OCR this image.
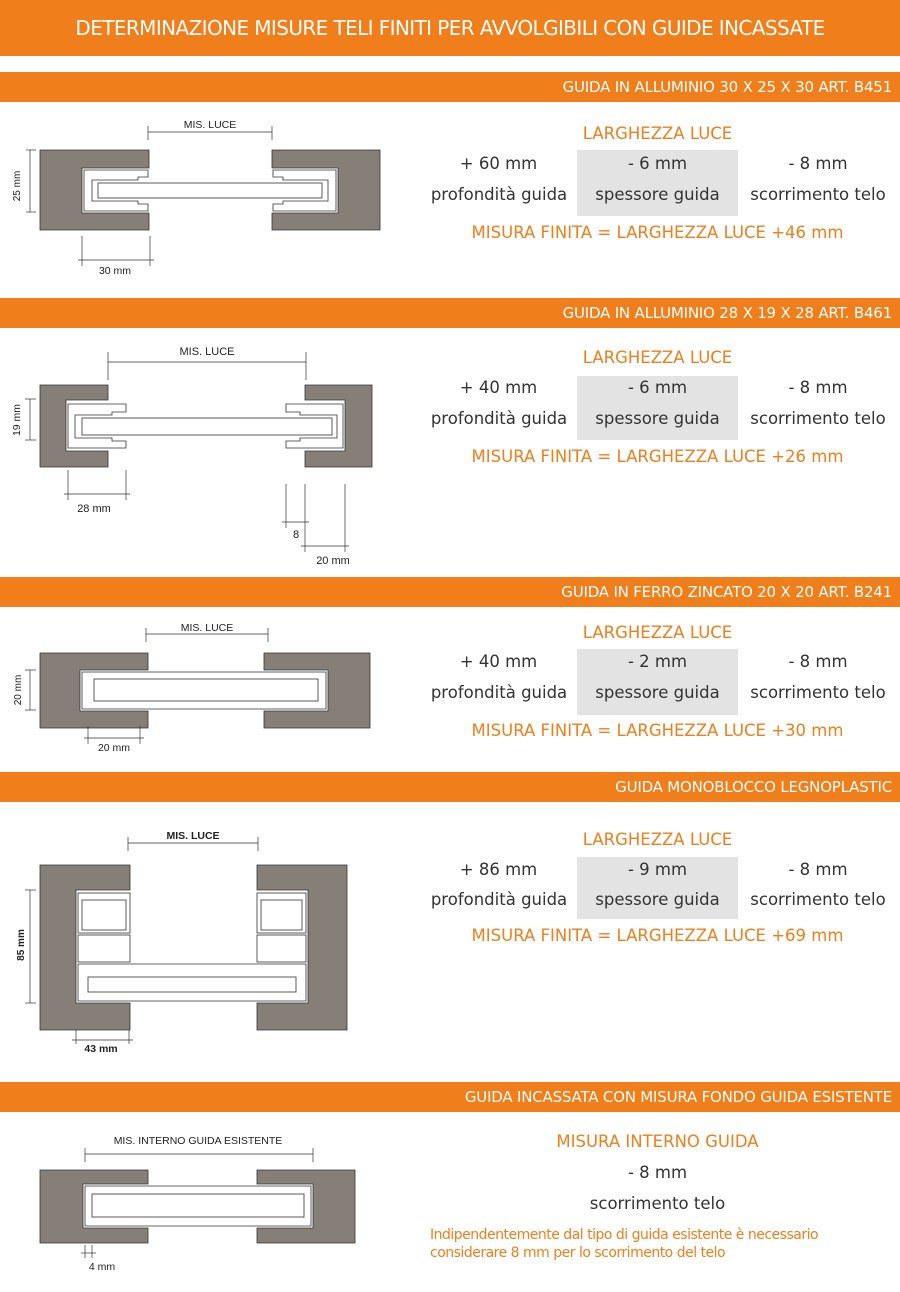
DETERMINAZIONE MISURE TELI FINITI PER AVVOLGIBILI CON GUIDE INCASSATE
GUIDA IN ALLUMINIO 30 X 25 X 30 ART. B451
MIS. LUCE
25 mm
30 mm
LARGHEZZA LUCE
+ 60 mm	- 6 mm	- 8 mm
profondità guida	spessore guida	scorrimento telo
MISURA FINITA = LARGHEZZA LUCE +46 mm
GUIDA IN ALLUMINIO 28 X 19 X 28 ART. B461
MIS. LUCE
19 mm
28 mm
8
20 mm
LARGHEZZA LUCE
+ 40 mm	- 6 mm	- 8 mm
profondità guida	spessore guida	scorrimento telo
MISURA FINITA = LARGHEZZA LUCE +26 mm
GUIDA IN FERRO ZINCATO 20 X 20 ART. B241
MIS. LUCE
20 mm
20 mm
LARGHEZZA LUCE
+ 40 mm	- 2 mm	- 8 mm
profondità guida	spessore guida	scorrimento telo
MISURA FINITA = LARGHEZZA LUCE +30 mm
GUIDA MONOBLOCCO LEGNOPLASTIC
MIS. LUCE
85 mm
43 mm
LARGHEZZA LUCE
+ 86 mm	- 9 mm	- 8 mm
profondità guida	spessore guida	scorrimento telo
MISURA FINITA = LARGHEZZA LUCE +69 mm
GUIDA INCASSATA CON MISURA FONDO GUIDA ESISTENTE
MIS. INTERNO GUIDA ESISTENTE
4 mm
MISURA INTERNO GUIDA
- 8 mm
scorrimento telo
Indipendentemente dal tipo di guida esistente è necessario considerare 8 mm per lo scorrimento del telo
